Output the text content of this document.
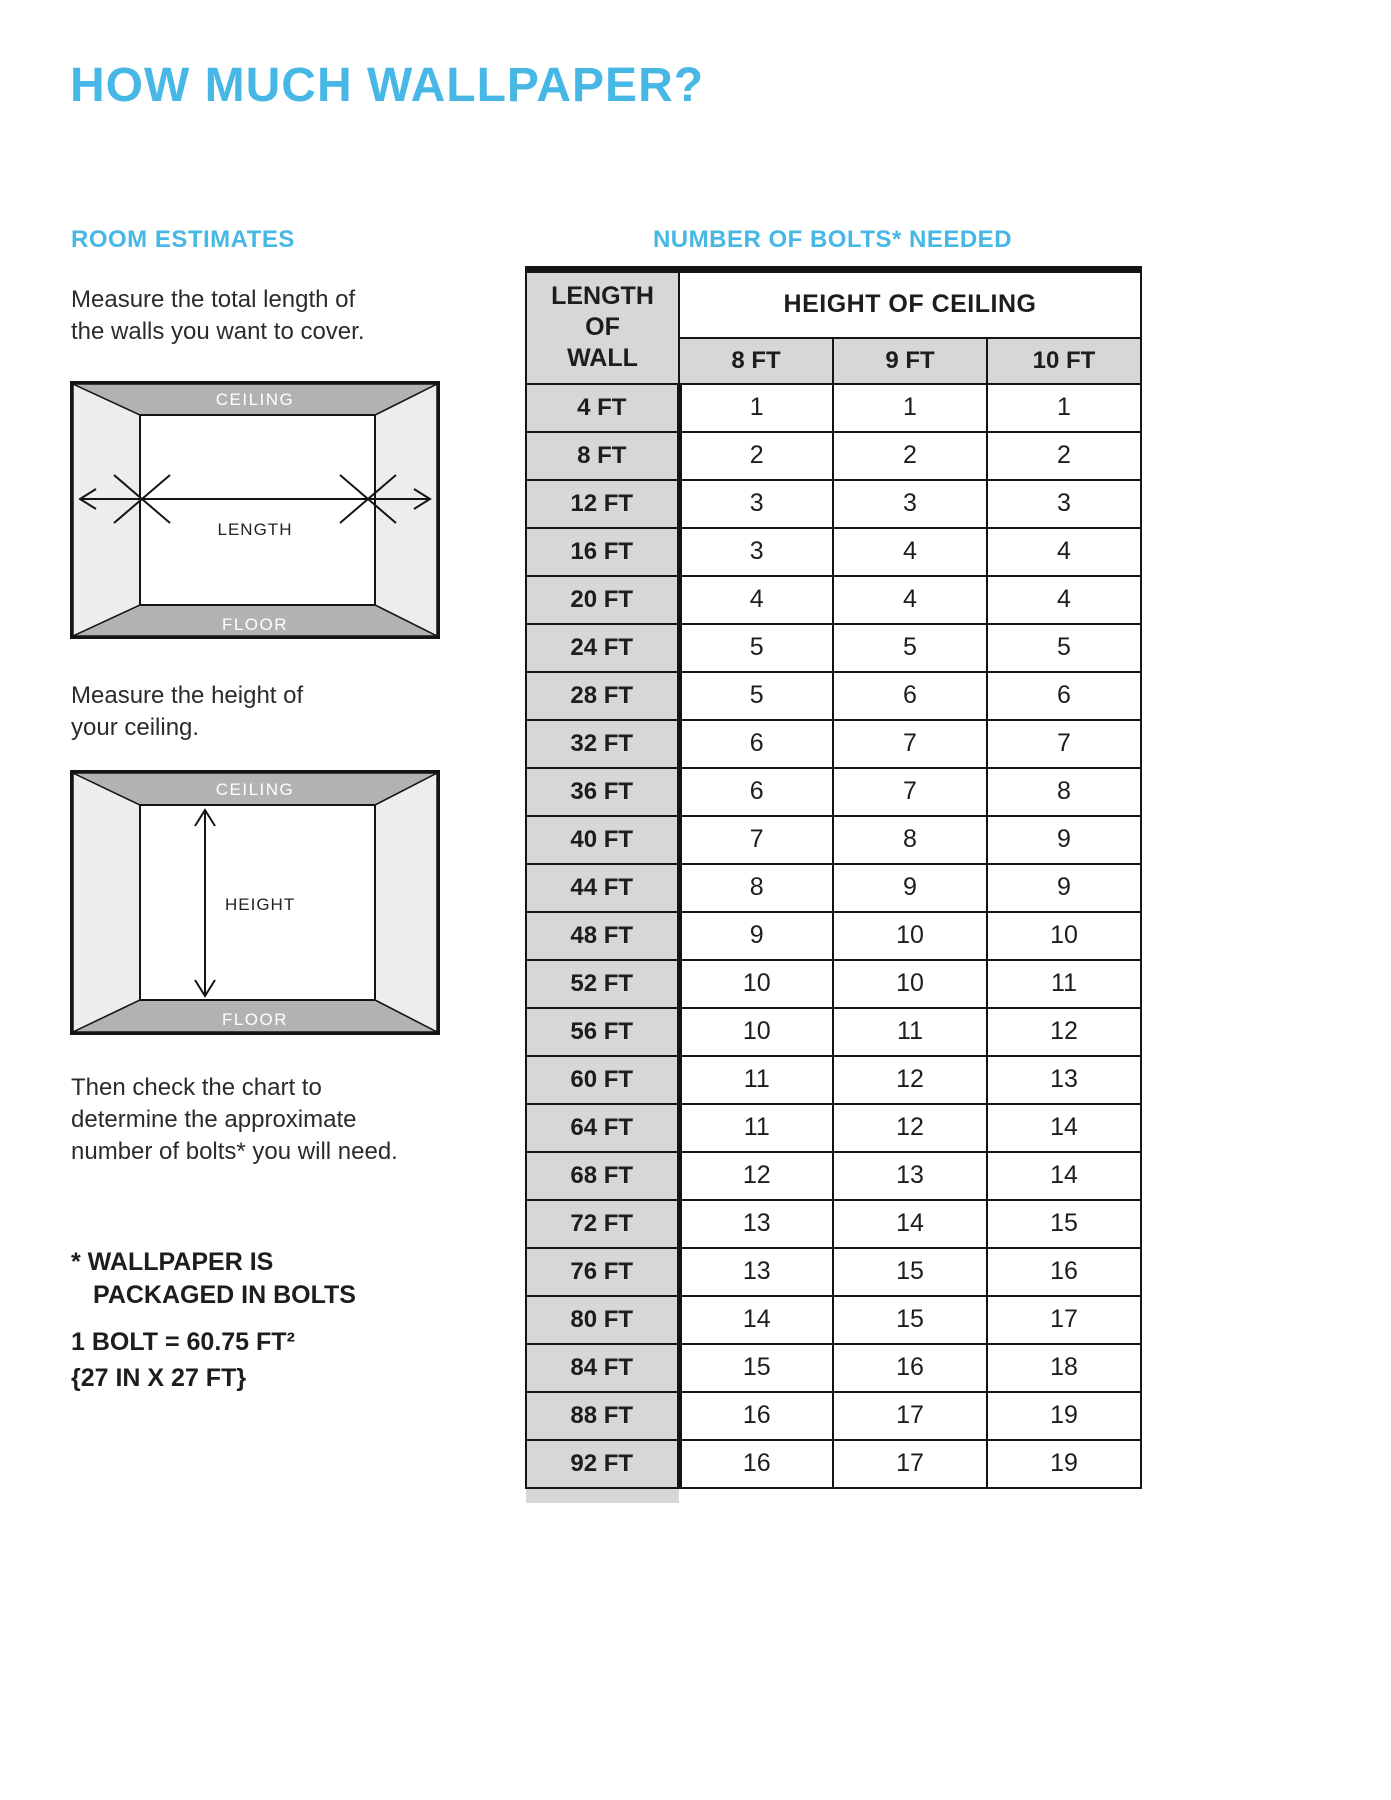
HOW MUCH WALLPAPER?
ROOM ESTIMATES

Measure the total length of the walls you want to cover.

CEILING
FLOOR
LENGTH

Measure the height of your ceiling.

CEILING
FLOOR
HEIGHT

Then check the chart to determine the approximate number of bolts* you will need.

* WALLPAPER IS
PACKAGED IN BOLTS
1 BOLT = 60.75 FT²
{27 IN X 27 FT}
NUMBER OF BOLTS* NEEDED
LENGTH OF WALL	HEIGHT OF CEILING		
	8 FT	9 FT	10 FT
4 FT	1	1	1
8 FT	2	2	2
12 FT	3	3	3
16 FT	3	4	4
20 FT	4	4	4
24 FT	5	5	5
28 FT	5	6	6
32 FT	6	7	7
36 FT	6	7	8
40 FT	7	8	9
44 FT	8	9	9
48 FT	9	10	10
52 FT	10	10	11
56 FT	10	11	12
60 FT	11	12	13
64 FT	11	12	14
68 FT	12	13	14
72 FT	13	14	15
76 FT	13	15	16
80 FT	14	15	17
84 FT	15	16	18
88 FT	16	17	19
92 FT	16	17	19
